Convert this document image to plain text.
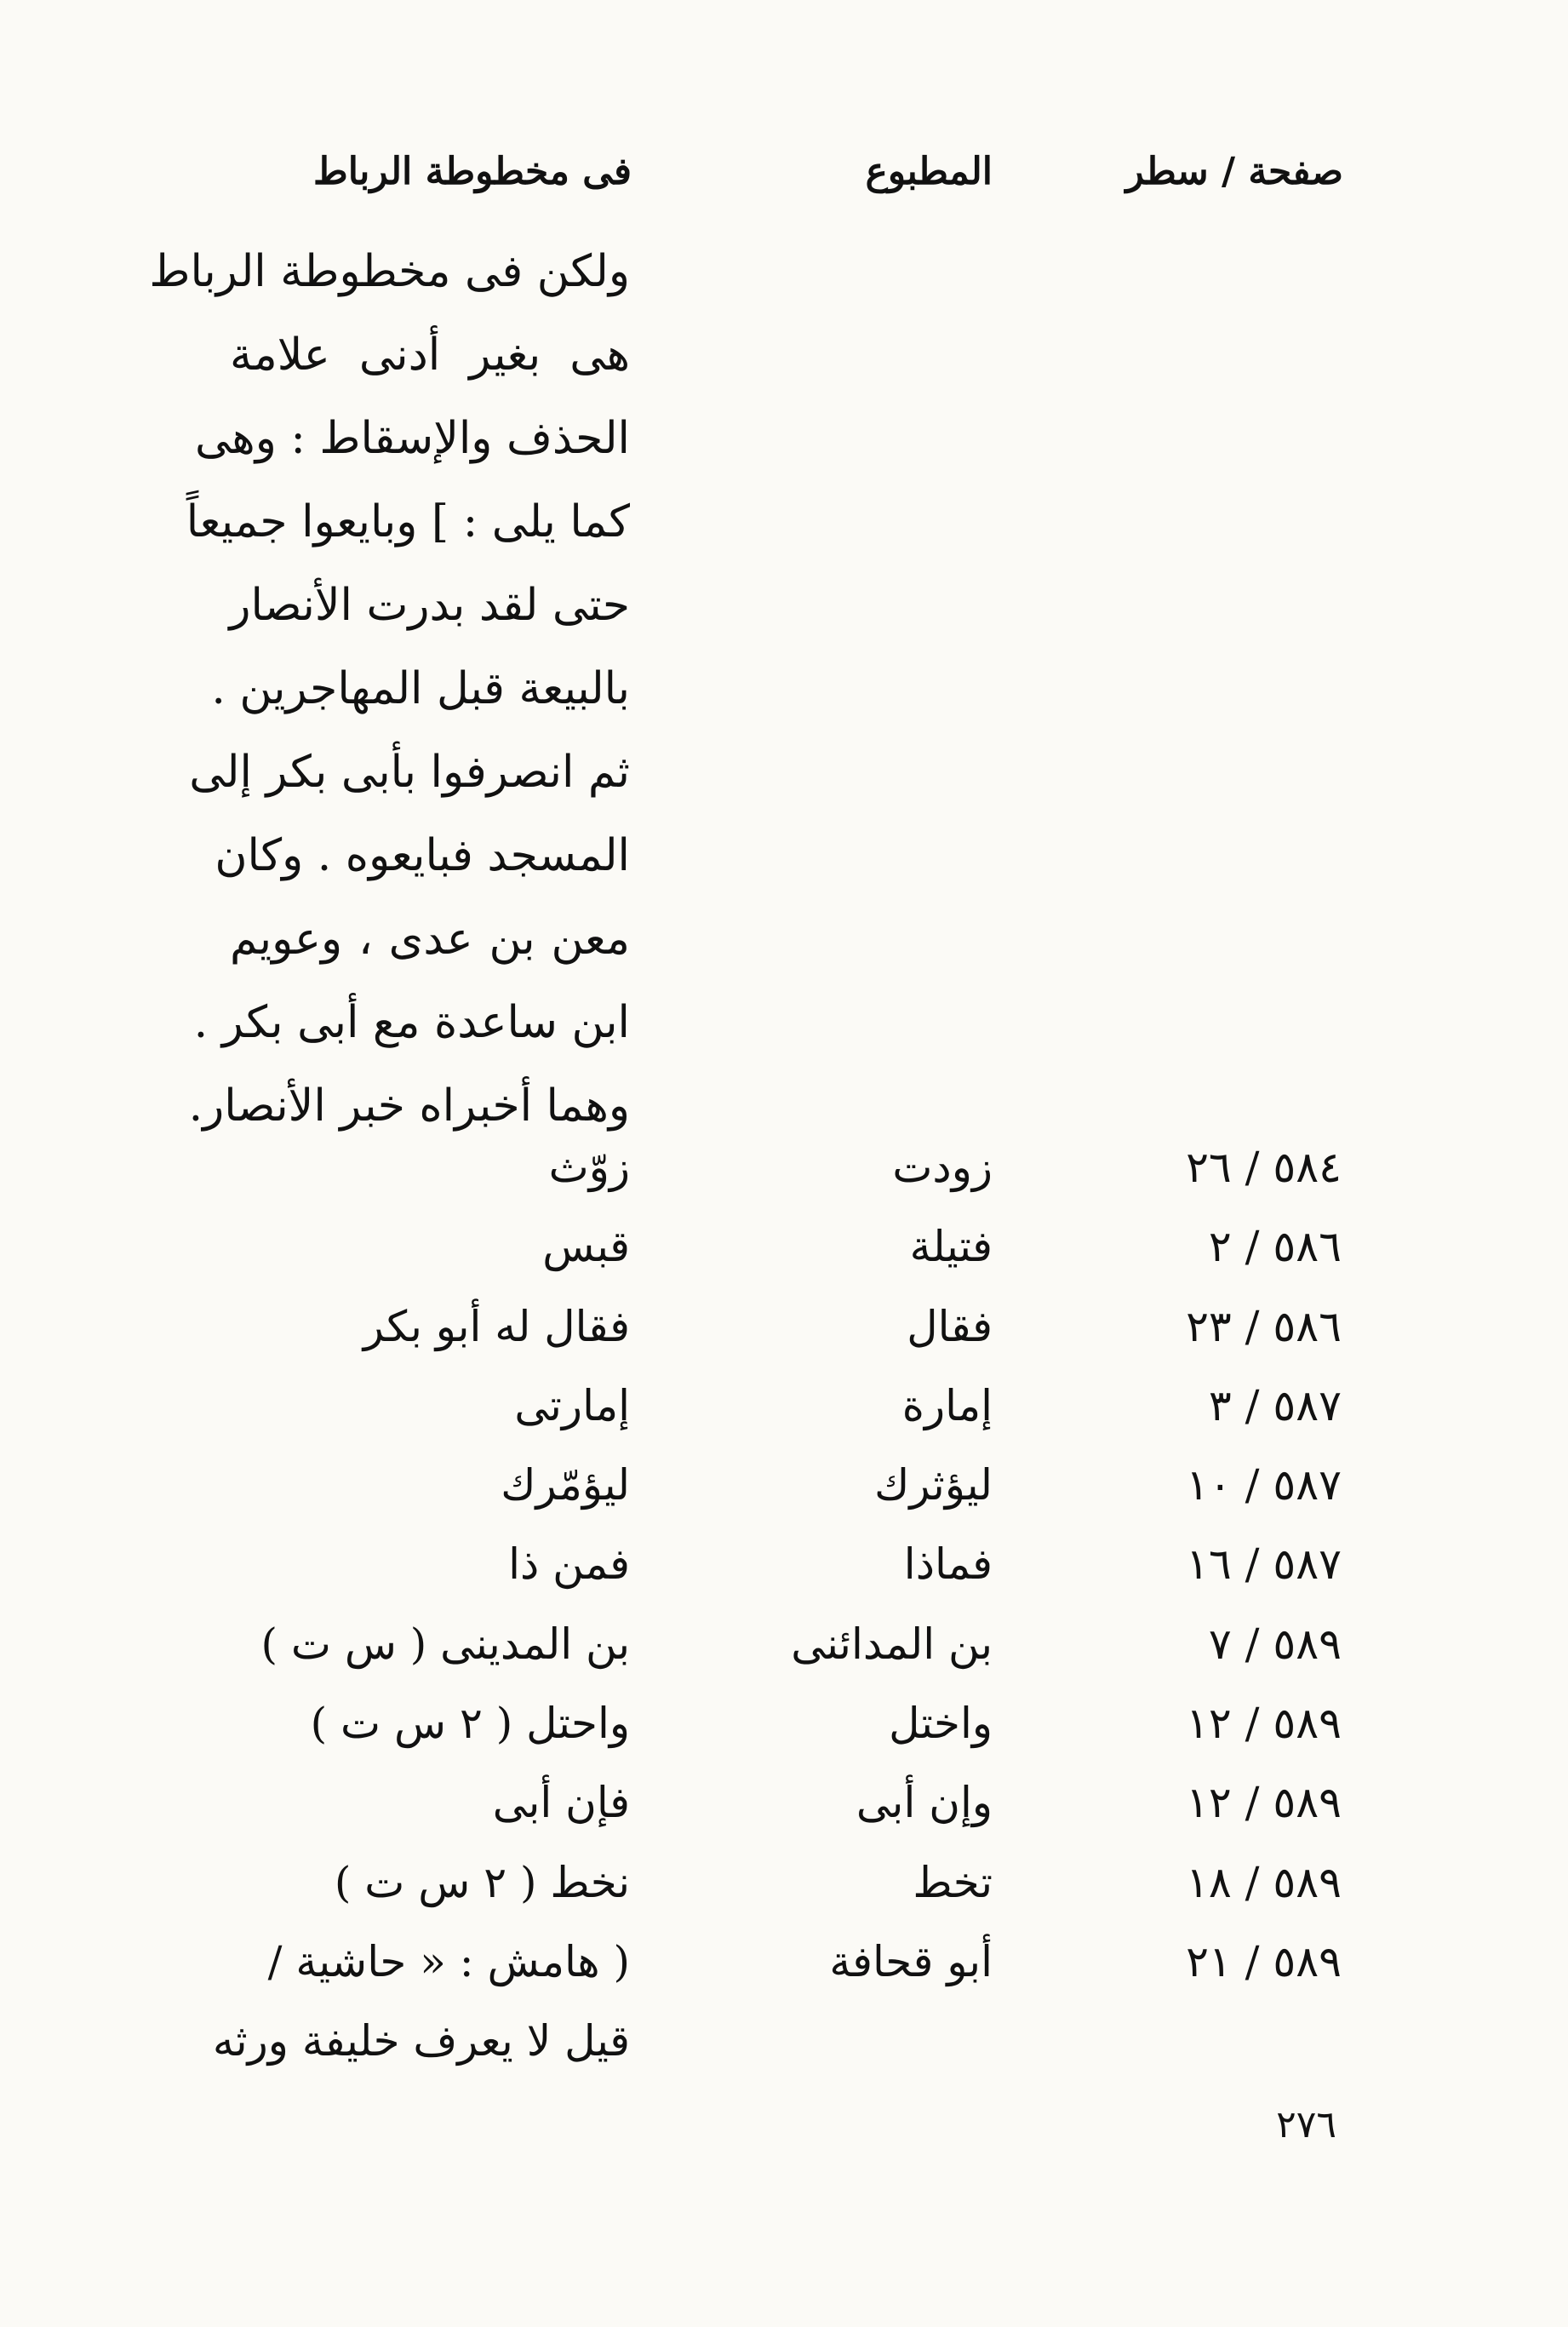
صفحة / سطر
المطبوع
فى مخطوطة الرباط
ولكن فى مخطوطة الرباط
هى بغير أدنى علامة
الحذف والإسقاط : وهى
كما يلى : ] وبايعوا جميعاً
حتى لقد بدرت الأنصار
بالبيعة قبل المهاجرين .
ثم انصرفوا بأبى بكر إلى
المسجد فبايعوه . وكان
معن بن عدى ، وعويم
ابن ساعدة مع أبى بكر .
وهما أخبراه خبر الأنصار.
٥٨٤ / ٢٦
زودت
زوّث
٥٨٦ / ٢
فتيلة
قبس
٥٨٦ / ٢٣
فقال
فقال له أبو بكر
٥٨٧ / ٣
إمارة
إمارتى
٥٨٧ / ١٠
ليؤثرك
ليؤمّرك
٥٨٧ / ١٦
فماذا
فمن ذا
٥٨٩ / ٧
بن المدائنى
بن المدينى ( س ت )
٥٨٩ / ١٢
واختل
واحتل ( ٢ س ت )
٥٨٩ / ١٢
وإن أبى
فإن أبى
٥٨٩ / ١٨
تخط
نخط ( ٢ س ت )
٥٨٩ / ٢١
أبو قحافة
( هامش : « حاشية /
قيل لا يعرف خليفة ورثه
٢٧٦
